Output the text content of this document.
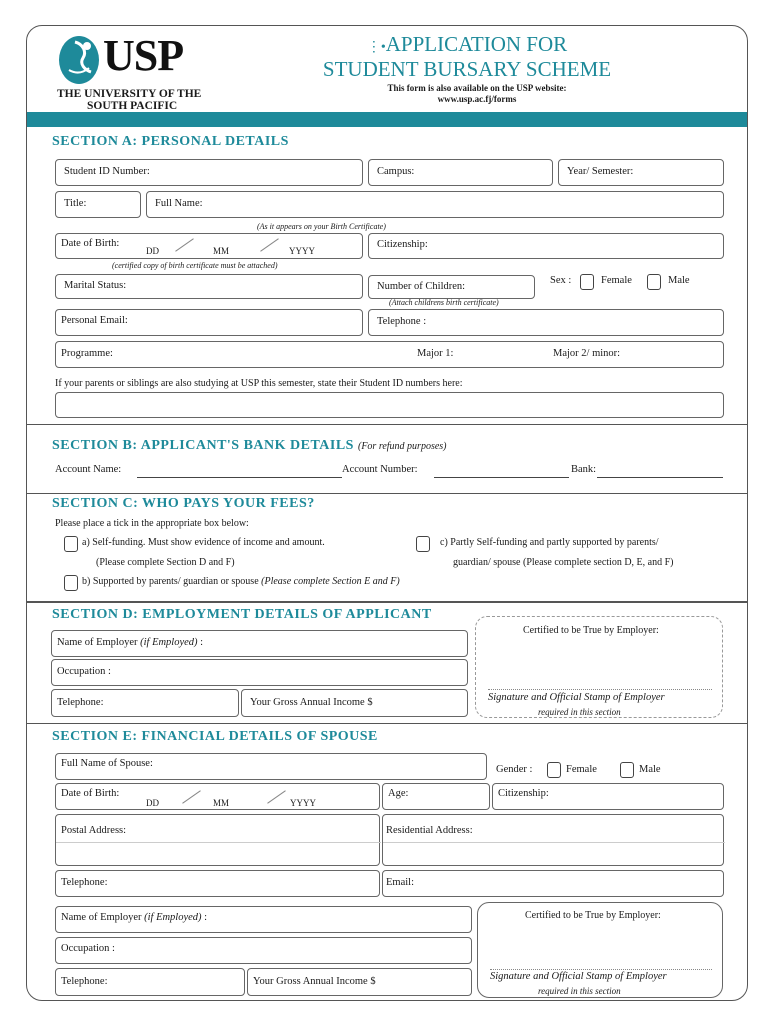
USP
THE UNIVERSITY OF THE
SOUTH PACIFIC
⋮•APPLICATION FOR
STUDENT BURSARY SCHEME
This form is also available on the USP website:
www.usp.ac.fj/forms
SECTION A: PERSONAL DETAILS
Student ID Number:	Campus:	Year/ Semester:
Title:	Full Name:
(As it appears on your Birth Certificate)
Date of Birth:
DD	MM	YYYY
(certified copy of birth certificate must be attached)
Citizenship:
Marital Status:	Number of Children:
(Attach childrens birth certificate)
Sex :	Female	Male
Personal Email:	Telephone :
Programme:	Major 1:	Major 2/ minor:
If your parents or siblings are also studying at USP this semester, state their Student ID numbers here:
SECTION B: APPLICANT'S BANK DETAILS (For refund purposes)
Account Name:	Account Number:	Bank:
SECTION C: WHO PAYS YOUR FEES?
Please place a tick in the appropriate box below:
a) Self-funding. Must show evidence of income and amount.
(Please complete Section D and F)
b) Supported by parents/ guardian or spouse (Please complete Section E and F)
c) Partly Self-funding and partly supported by parents/
guardian/ spouse (Please complete section D, E, and F)
SECTION D: EMPLOYMENT DETAILS OF APPLICANT
Name of Employer (if Employed) :
Occupation :
Telephone:	Your Gross Annual Income $
Certified to be True by Employer:
Signature and Official Stamp of Employer
required in this section
SECTION E: FINANCIAL DETAILS OF SPOUSE
Full Name of Spouse:
Gender :	Female	Male
Date of Birth:
DD	MM	YYYY
Age:	Citizenship:
Postal Address:	Residential Address:
Telephone:	Email:
Name of Employer (if Employed) :
Occupation :
Telephone:	Your Gross Annual Income $
Certified to be True by Employer:
Signature and Official Stamp of Employer
required in this section
